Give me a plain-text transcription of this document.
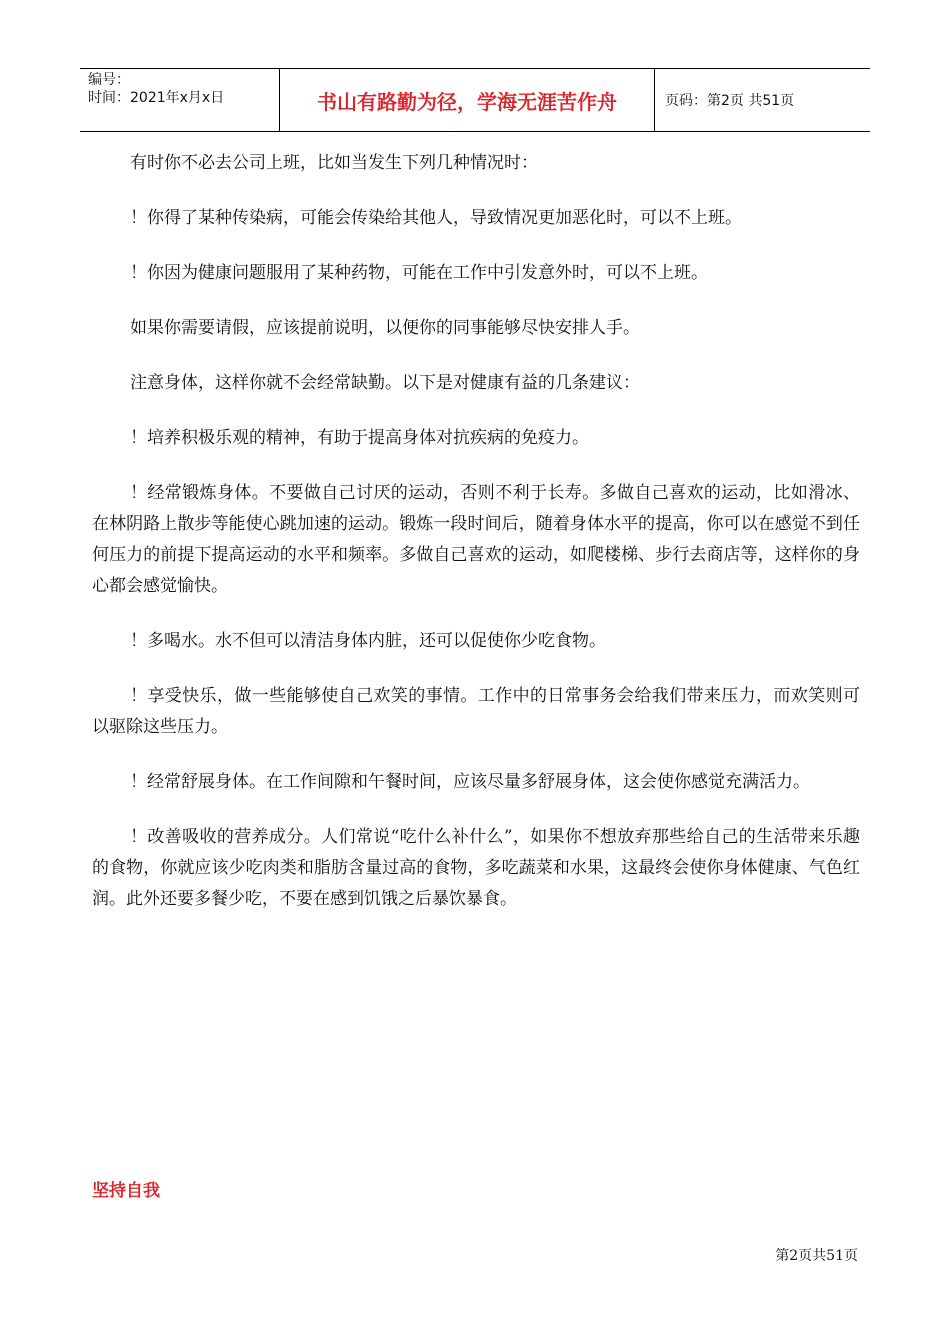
编号：
时间：2021年x月x日	书山有路勤为径，学海无涯苦作舟	页码：第2页 共51页

有时你不必去公司上班，比如当发生下列几种情况时：

！你得了某种传染病，可能会传染给其他人，导致情况更加恶化时，可以不上班。

！你因为健康问题服用了某种药物，可能在工作中引发意外时，可以不上班。

如果你需要请假，应该提前说明，以便你的同事能够尽快安排人手。

注意身体，这样你就不会经常缺勤。以下是对健康有益的几条建议：

！培养积极乐观的精神，有助于提高身体对抗疾病的免疫力。

！经常锻炼身体。不要做自己讨厌的运动，否则不利于长寿。多做自己喜欢的运动，比如滑冰、在林阴路上散步等能使心跳加速的运动。锻炼一段时间后，随着身体水平的提高，你可以在感觉不到任何压力的前提下提高运动的水平和频率。多做自己喜欢的运动，如爬楼梯、步行去商店等，这样你的身心都会感觉愉快。

！多喝水。水不但可以清洁身体内脏，还可以促使你少吃食物。

！享受快乐，做一些能够使自己欢笑的事情。工作中的日常事务会给我们带来压力，而欢笑则可以驱除这些压力。

！经常舒展身体。在工作间隙和午餐时间，应该尽量多舒展身体，这会使你感觉充满活力。

！改善吸收的营养成分。人们常说“吃什么补什么”，如果你不想放弃那些给自己的生活带来乐趣的食物，你就应该少吃肉类和脂肪含量过高的食物，多吃蔬菜和水果，这最终会使你身体健康、气色红润。此外还要多餐少吃，不要在感到饥饿之后暴饮暴食。

坚持自我
第2页共51页
